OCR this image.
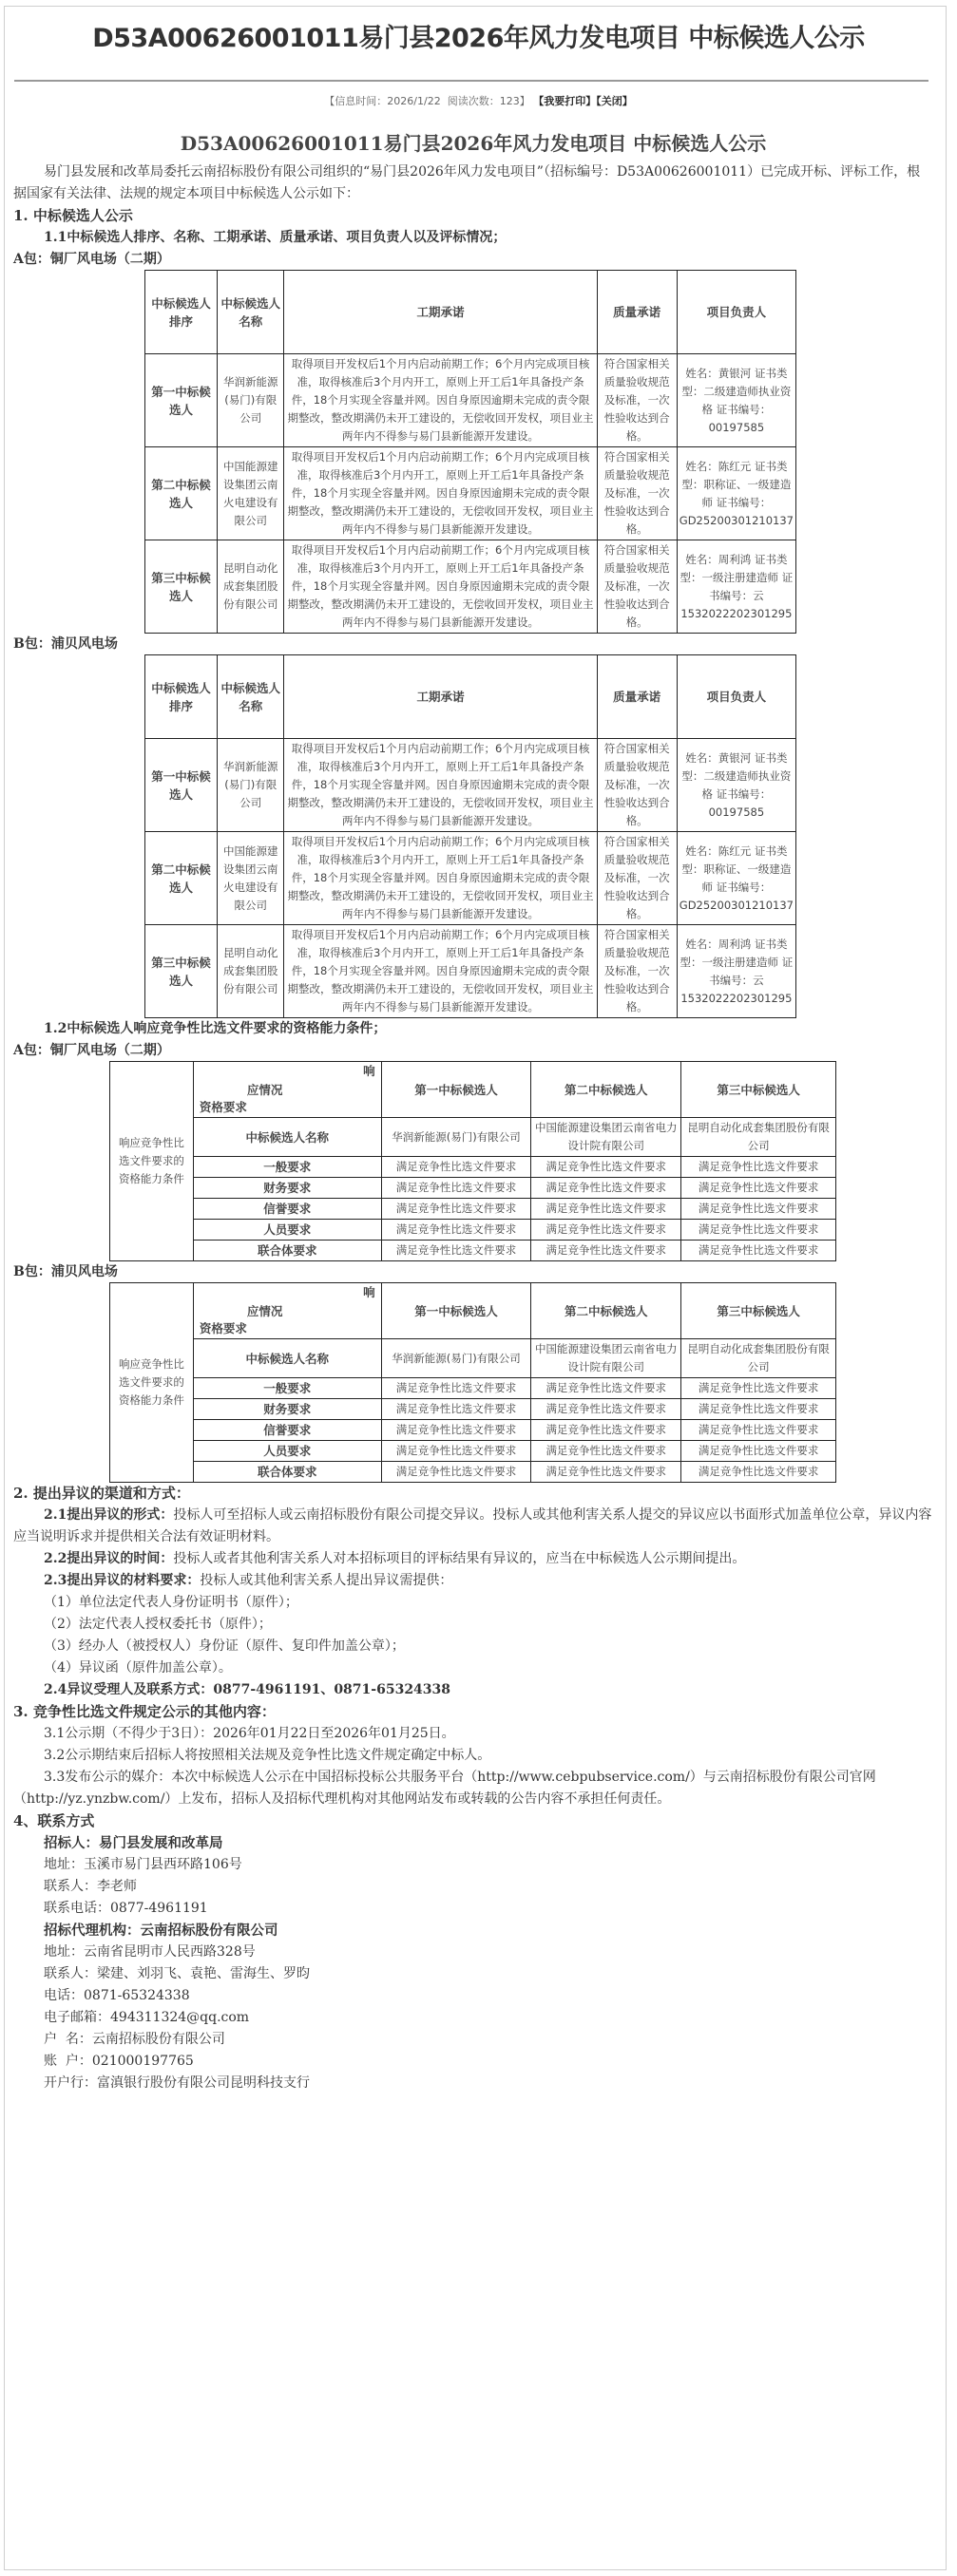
D53A00626001011易门县2026年风力发电项目 中标候选人公示
【信息时间：2026/1/22 阅读次数：123】 【我要打印】【关闭】
D53A00626001011易门县2026年风力发电项目 中标候选人公示

易门县发展和改革局委托云南招标股份有限公司组织的“易门县2026年风力发电项目”（招标编号：D53A00626001011）已完成开标、评标工作，根据国家有关法律、法规的规定本项目中标候选人公示如下：

1. 中标候选人公示

1.1中标候选人排序、名称、工期承诺、质量承诺、项目负责人以及评标情况；

A包：铜厂风电场（二期）

中标候选人排序	中标候选人名称	工期承诺	质量承诺	项目负责人
第一中标候选人	华润新能源(易门)有限公司	取得项目开发权后1个月内启动前期工作；6个月内完成项目核准，取得核准后3个月内开工，原则上开工后1年具备投产条件，18个月实现全容量并网。因自身原因逾期未完成的责令限期整改，整改期满仍未开工建设的，无偿收回开发权，项目业主两年内不得参与易门县新能源开发建设。	符合国家相关质量验收规范及标准，一次性验收达到合格。	姓名：黄银河 证书类型：二级建造师执业资格 证书编号：00197585
第二中标候选人	中国能源建设集团云南火电建设有限公司	取得项目开发权后1个月内启动前期工作；6个月内完成项目核准，取得核准后3个月内开工，原则上开工后1年具备投产条件，18个月实现全容量并网。因自身原因逾期未完成的责令限期整改，整改期满仍未开工建设的，无偿收回开发权，项目业主两年内不得参与易门县新能源开发建设。	符合国家相关质量验收规范及标准，一次性验收达到合格。	姓名：陈红元 证书类型：职称证、一级建造师 证书编号：GD25200301210137
第三中标候选人	昆明自动化成套集团股份有限公司	取得项目开发权后1个月内启动前期工作；6个月内完成项目核准，取得核准后3个月内开工，原则上开工后1年具备投产条件，18个月实现全容量并网。因自身原因逾期未完成的责令限期整改，整改期满仍未开工建设的，无偿收回开发权，项目业主两年内不得参与易门县新能源开发建设。	符合国家相关质量验收规范及标准，一次性验收达到合格。	姓名：周利鸿 证书类型：一级注册建造师 证书编号：云1532022202301295

B包：浦贝风电场

中标候选人排序	中标候选人名称	工期承诺	质量承诺	项目负责人
第一中标候选人	华润新能源(易门)有限公司	取得项目开发权后1个月内启动前期工作；6个月内完成项目核准，取得核准后3个月内开工，原则上开工后1年具备投产条件，18个月实现全容量并网。因自身原因逾期未完成的责令限期整改，整改期满仍未开工建设的，无偿收回开发权，项目业主两年内不得参与易门县新能源开发建设。	符合国家相关质量验收规范及标准，一次性验收达到合格。	姓名：黄银河 证书类型：二级建造师执业资格 证书编号：00197585
第二中标候选人	中国能源建设集团云南火电建设有限公司	取得项目开发权后1个月内启动前期工作；6个月内完成项目核准，取得核准后3个月内开工，原则上开工后1年具备投产条件，18个月实现全容量并网。因自身原因逾期未完成的责令限期整改，整改期满仍未开工建设的，无偿收回开发权，项目业主两年内不得参与易门县新能源开发建设。	符合国家相关质量验收规范及标准，一次性验收达到合格。	姓名：陈红元 证书类型：职称证、一级建造师 证书编号：GD25200301210137
第三中标候选人	昆明自动化成套集团股份有限公司	取得项目开发权后1个月内启动前期工作；6个月内完成项目核准，取得核准后3个月内开工，原则上开工后1年具备投产条件，18个月实现全容量并网。因自身原因逾期未完成的责令限期整改，整改期满仍未开工建设的，无偿收回开发权，项目业主两年内不得参与易门县新能源开发建设。	符合国家相关质量验收规范及标准，一次性验收达到合格。	姓名：周利鸿 证书类型：一级注册建造师 证书编号：云1532022202301295

1.2中标候选人响应竞争性比选文件要求的资格能力条件；

A包：铜厂风电场（二期）

响应竞争性比选文件要求的资格能力条件	响
应情况
资格要求	第一中标候选人	第二中标候选人	第三中标候选人
	中标候选人名称	华润新能源(易门)有限公司	中国能源建设集团云南省电力设计院有限公司	昆明自动化成套集团股份有限公司
	一般要求	满足竞争性比选文件要求	满足竞争性比选文件要求	满足竞争性比选文件要求
	财务要求	满足竞争性比选文件要求	满足竞争性比选文件要求	满足竞争性比选文件要求
	信誉要求	满足竞争性比选文件要求	满足竞争性比选文件要求	满足竞争性比选文件要求
	人员要求	满足竞争性比选文件要求	满足竞争性比选文件要求	满足竞争性比选文件要求
	联合体要求	满足竞争性比选文件要求	满足竞争性比选文件要求	满足竞争性比选文件要求

B包：浦贝风电场

响应竞争性比选文件要求的资格能力条件	响
应情况
资格要求	第一中标候选人	第二中标候选人	第三中标候选人
	中标候选人名称	华润新能源(易门)有限公司	中国能源建设集团云南省电力设计院有限公司	昆明自动化成套集团股份有限公司
	一般要求	满足竞争性比选文件要求	满足竞争性比选文件要求	满足竞争性比选文件要求
	财务要求	满足竞争性比选文件要求	满足竞争性比选文件要求	满足竞争性比选文件要求
	信誉要求	满足竞争性比选文件要求	满足竞争性比选文件要求	满足竞争性比选文件要求
	人员要求	满足竞争性比选文件要求	满足竞争性比选文件要求	满足竞争性比选文件要求
	联合体要求	满足竞争性比选文件要求	满足竞争性比选文件要求	满足竞争性比选文件要求

2. 提出异议的渠道和方式：

2.1提出异议的形式：投标人可至招标人或云南招标股份有限公司提交异议。投标人或其他利害关系人提交的异议应以书面形式加盖单位公章，异议内容应当说明诉求并提供相关合法有效证明材料。

2.2提出异议的时间：投标人或者其他利害关系人对本招标项目的评标结果有异议的，应当在中标候选人公示期间提出。

2.3提出异议的材料要求：投标人或其他利害关系人提出异议需提供：

（1）单位法定代表人身份证明书（原件）；

（2）法定代表人授权委托书（原件）；

（3）经办人（被授权人）身份证（原件、复印件加盖公章）；

（4）异议函（原件加盖公章）。

2.4异议受理人及联系方式：0877-4961191、0871-65324338

3. 竞争性比选文件规定公示的其他内容：

3.1公示期（不得少于3日）：2026年01月22日至2026年01月25日。

3.2公示期结束后招标人将按照相关法规及竞争性比选文件规定确定中标人。

3.3发布公示的媒介：本次中标候选人公示在中国招标投标公共服务平台（http://www.cebpubservice.com/）与云南招标股份有限公司官网（http://yz.ynzbw.com/）上发布，招标人及招标代理机构对其他网站发布或转载的公告内容不承担任何责任。

4、联系方式

招标人：易门县发展和改革局

地址：玉溪市易门县西环路106号

联系人：李老师

联系电话：0877-4961191

招标代理机构：云南招标股份有限公司

地址：云南省昆明市人民西路328号

联系人：梁建、刘羽飞、袁艳、雷海生、罗昀

电话：0871-65324338

电子邮箱：494311324@qq.com

户  名：云南招标股份有限公司

账  户：021000197765

开户行：富滇银行股份有限公司昆明科技支行
